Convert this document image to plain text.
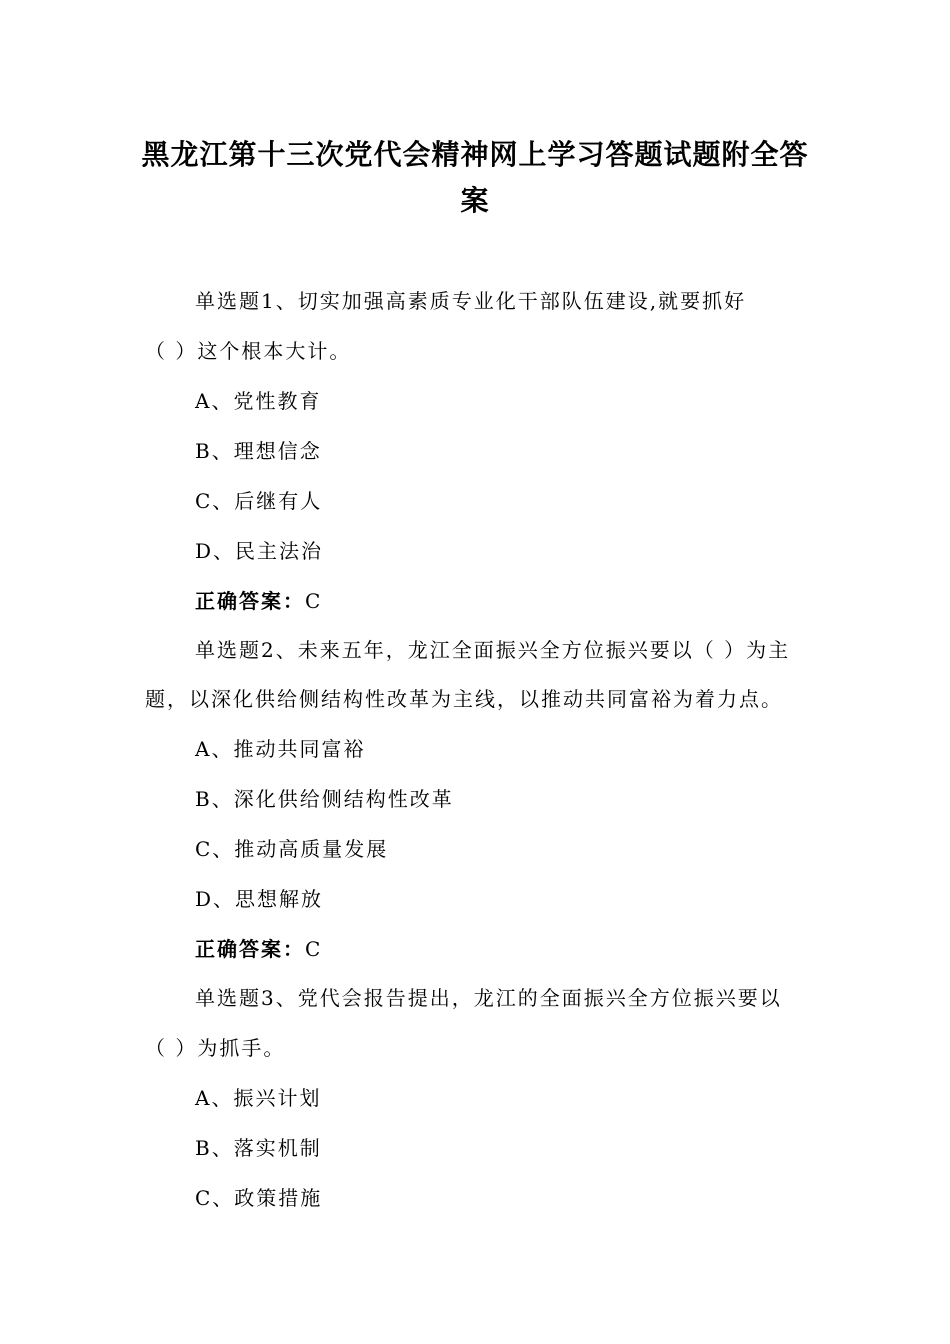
黑龙江第十三次党代会精神网上学习答题试题附全答
案
单选题1、切实加强高素质专业化干部队伍建设,就要抓好
（ ）这个根本大计。
A、党性教育
B、理想信念
C、后继有人
D、民主法治
正确答案：C
单选题2、未来五年，龙江全面振兴全方位振兴要以（ ）为主
题，以深化供给侧结构性改革为主线，以推动共同富裕为着力点。
A、推动共同富裕
B、深化供给侧结构性改革
C、推动高质量发展
D、思想解放
正确答案：C
单选题3、党代会报告提出，龙江的全面振兴全方位振兴要以
（ ）为抓手。
A、振兴计划
B、落实机制
C、政策措施
